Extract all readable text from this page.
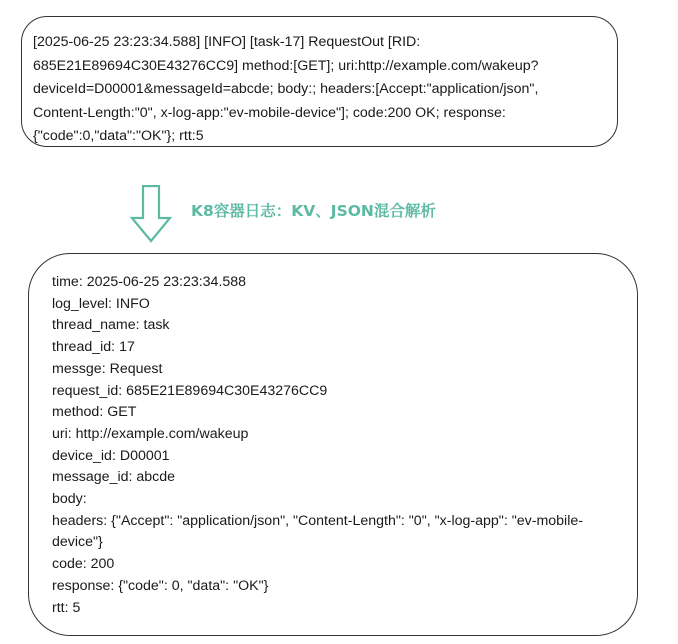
[2025-06-25 23:23:34.588] [INFO] [task-17] RequestOut [RID:
685E21E89694C30E43276CC9] method:[GET]; uri:http://example.com/wakeup?
deviceId=D00001&messageId=abcde; body:; headers:[Accept:"application/json",
Content-Length:"0", x-log-app:"ev-mobile-device"]; code:200 OK; response:
{"code":0,"data":"OK"}; rtt:5
K8容器日志：KV、JSON混合解析
time: 2025-06-25 23:23:34.588
log_level: INFO
thread_name: task
thread_id: 17
messge: Request
request_id: 685E21E89694C30E43276CC9
method: GET
uri: http://example.com/wakeup
device_id: D00001
message_id: abcde
body:
headers: {"Accept": "application/json", "Content-Length": "0", "x-log-app": "ev-mobile-
device"}
code: 200
response: {"code": 0, "data": "OK"}
rtt: 5
